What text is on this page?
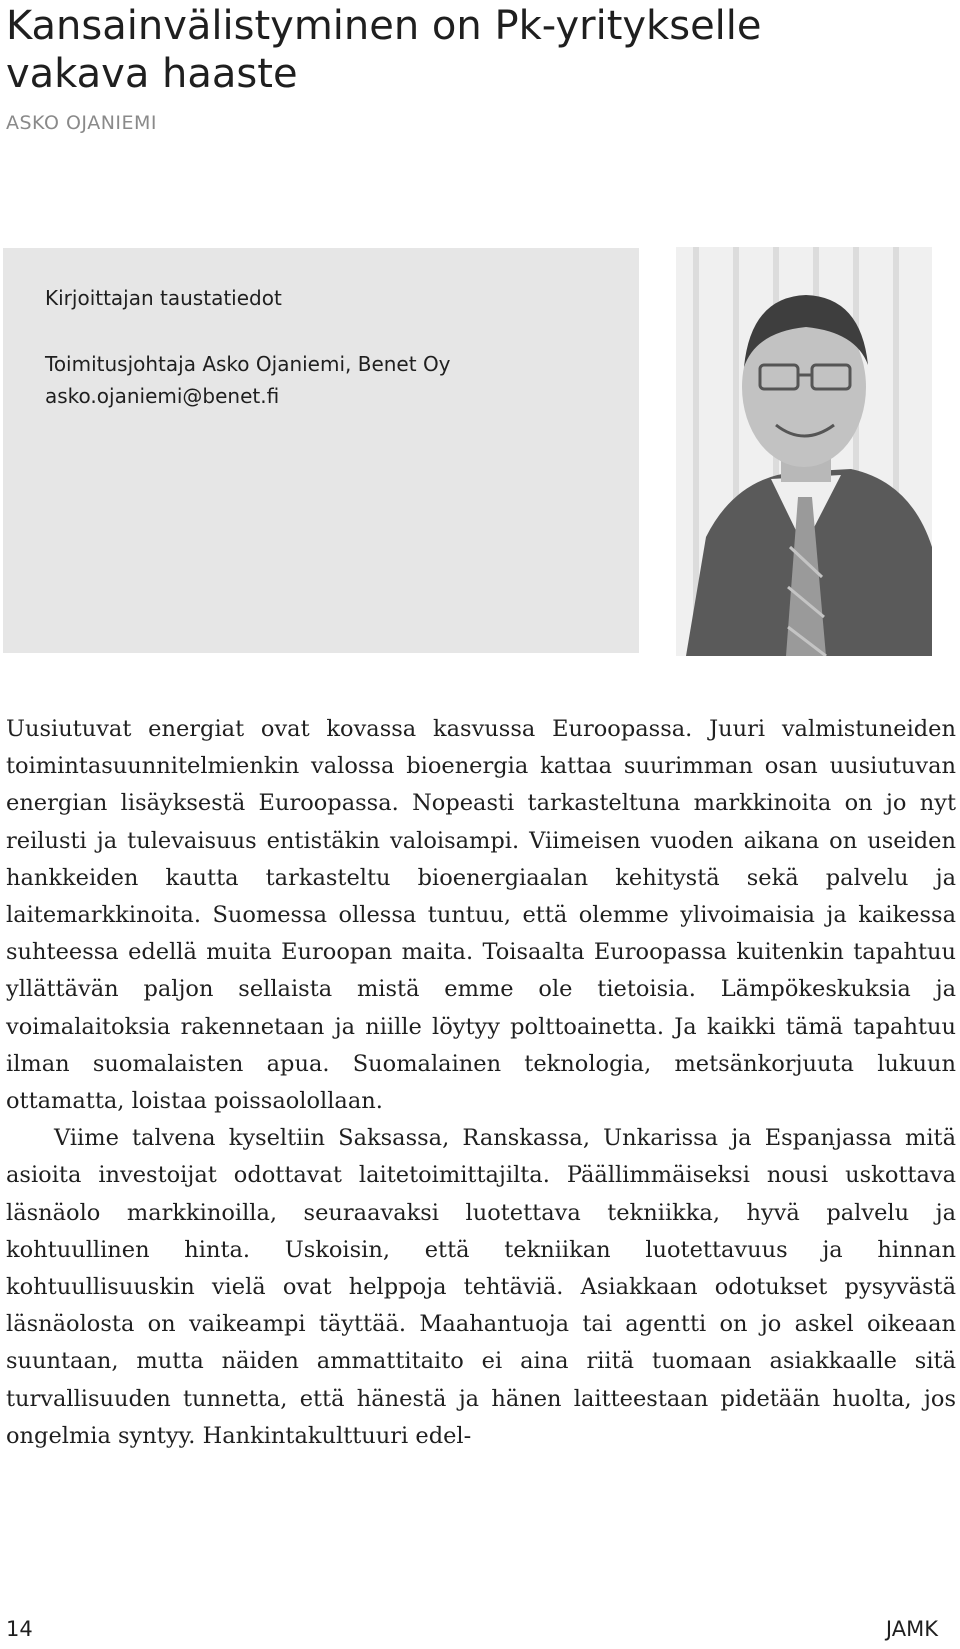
Kansainvälistyminen on Pk-yritykselle vakava haaste
ASKO OJANIEMI
Kirjoittajan taustatiedot
Toimitusjohtaja Asko Ojaniemi, Benet Oy
asko.ojaniemi@benet.fi

Uusiutuvat energiat ovat kovassa kasvussa Euroopassa. Juuri valmistuneiden toimintasuunnitelmienkin valossa bioenergia kattaa suurimman osan uusiutuvan energian lisäyksestä Euroopassa. Nopeasti tarkasteltuna markkinoita on jo nyt reilusti ja tulevaisuus entistäkin valoisampi. Viimeisen vuoden aikana on useiden hankkeiden kautta tarkasteltu bioenergiaalan kehitystä sekä palvelu ja laitemarkkinoita. Suomessa ollessa tuntuu, että olemme ylivoimaisia ja kaikessa suhteessa edellä muita Euroopan maita. Toisaalta Euroopassa kuitenkin tapahtuu yllättävän paljon sellaista mistä emme ole tietoisia. Lämpökeskuksia ja voimalaitoksia rakennetaan ja niille löytyy polttoainetta. Ja kaikki tämä tapahtuu ilman suomalaisten apua. Suomalainen teknologia, metsänkorjuuta lukuun ottamatta, loistaa poissaolollaan.

Viime talvena kyseltiin Saksassa, Ranskassa, Unkarissa ja Espanjassa mitä asioita investoijat odottavat laitetoimittajilta. Päällimmäiseksi nousi uskottava läsnäolo markkinoilla, seuraavaksi luotettava tekniikka, hyvä palvelu ja kohtuullinen hinta. Uskoisin, että tekniikan luotettavuus ja hinnan kohtuullisuuskin vielä ovat helppoja tehtäviä. Asiakkaan odotukset pysyvästä läsnäolosta on vaikeampi täyttää. Maahantuoja tai agentti on jo askel oikeaan suuntaan, mutta näiden ammattitaito ei aina riitä tuomaan asiakkaalle sitä turvallisuuden tunnetta, että hänestä ja hänen laitteestaan pidetään huolta, jos ongelmia syntyy. Hankintakulttuuri edel-

14	JAMK
